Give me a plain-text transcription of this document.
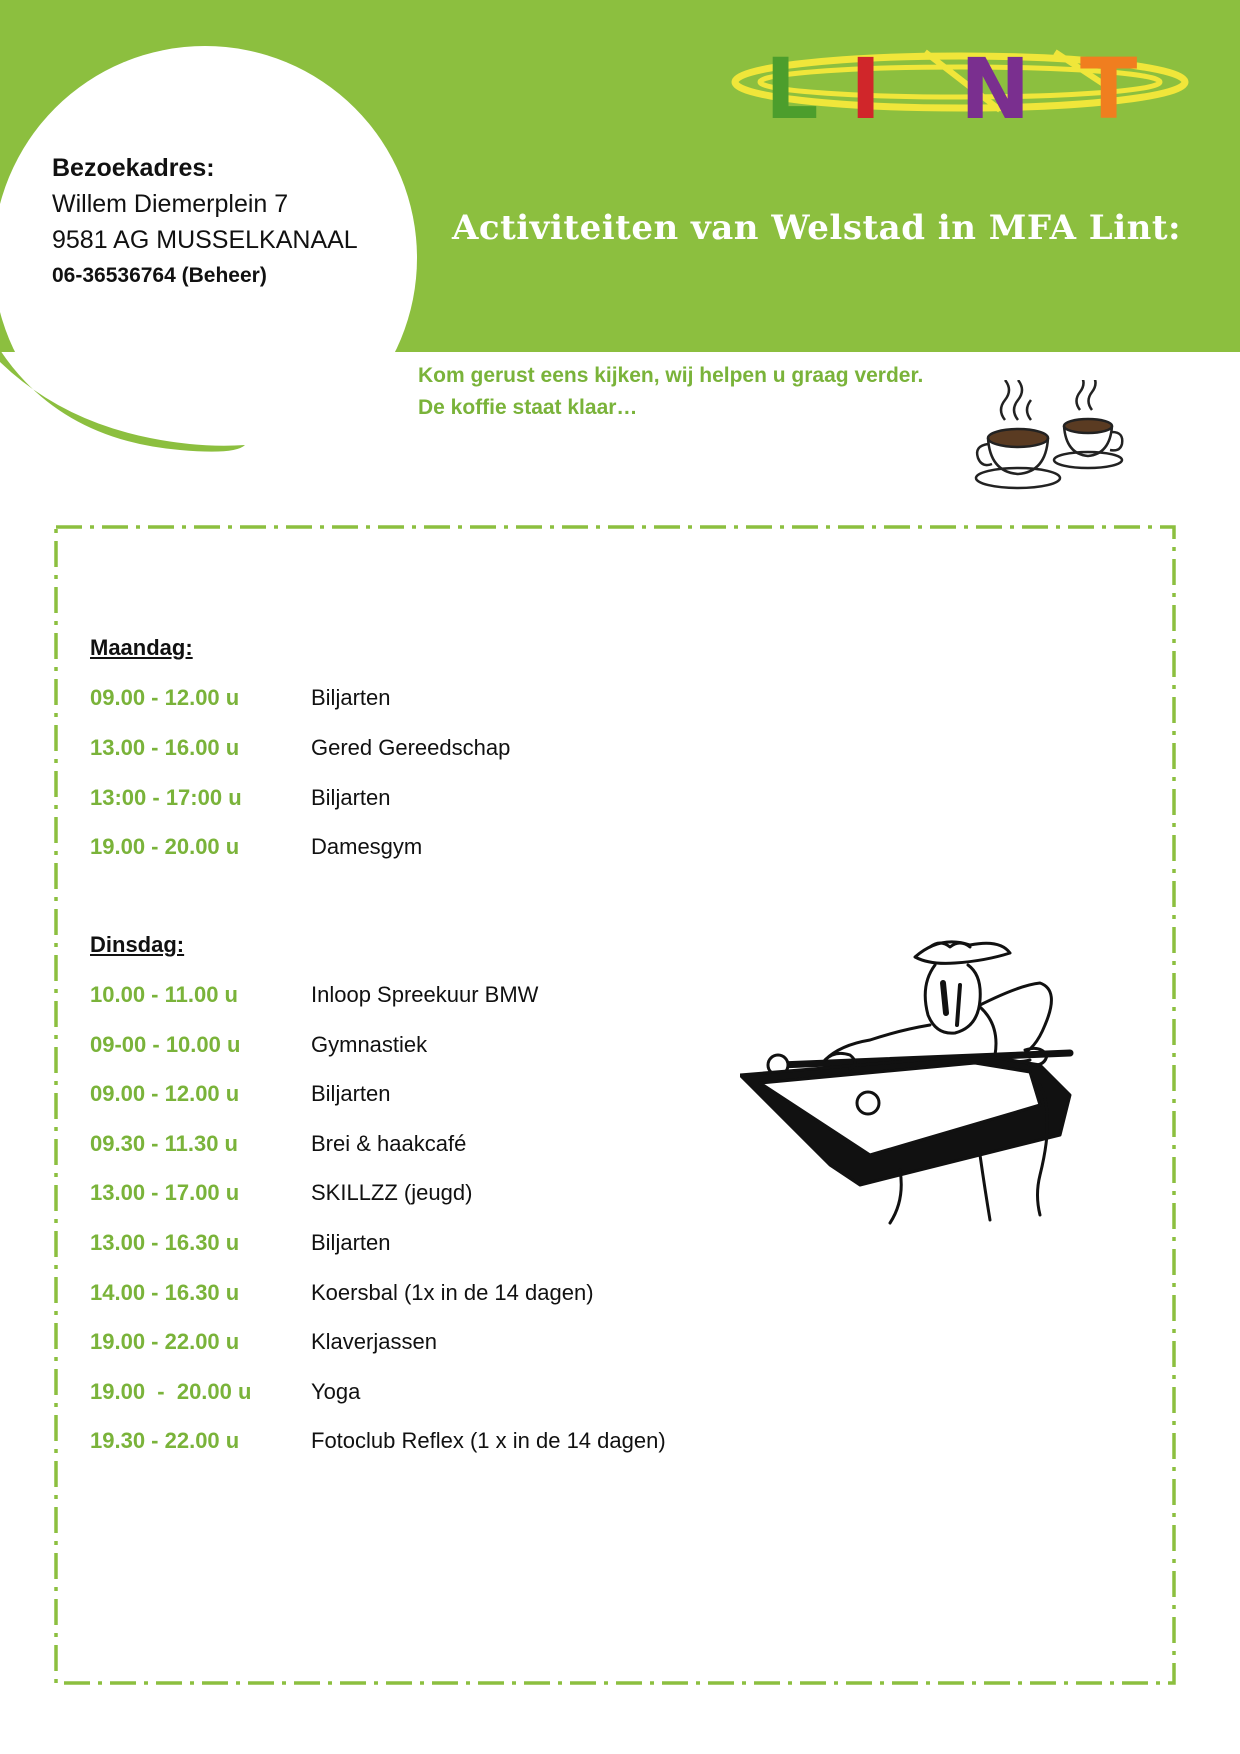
L I N T
Bezoekadres:
Willem Diemerplein 7
9581 AG MUSSELKANAAL
06-36536764 (Beheer)
Activiteiten van Welstad in MFA Lint:
Kom gerust eens kijken, wij helpen u graag verder.
De koffie staat klaar…
Maandag:
09.00 - 12.00 u	Biljarten
13.00 - 16.00 u	Gered Gereedschap
13:00 - 17:00 u	Biljarten
19.00 - 20.00 u	Damesgym
Dinsdag:
10.00 - 11.00 u	Inloop Spreekuur BMW
09-00 - 10.00 u	Gymnastiek
09.00 - 12.00 u	Biljarten
09.30 - 11.30 u	Brei & haakcafé
13.00 - 17.00 u	SKILLZZ (jeugd)
13.00 - 16.30 u	Biljarten
14.00 - 16.30 u	Koersbal (1x in de 14 dagen)
19.00 - 22.00 u	Klaverjassen
19.00  -  20.00 u	Yoga
19.30 - 22.00 u	Fotoclub Reflex (1 x in de 14 dagen)
